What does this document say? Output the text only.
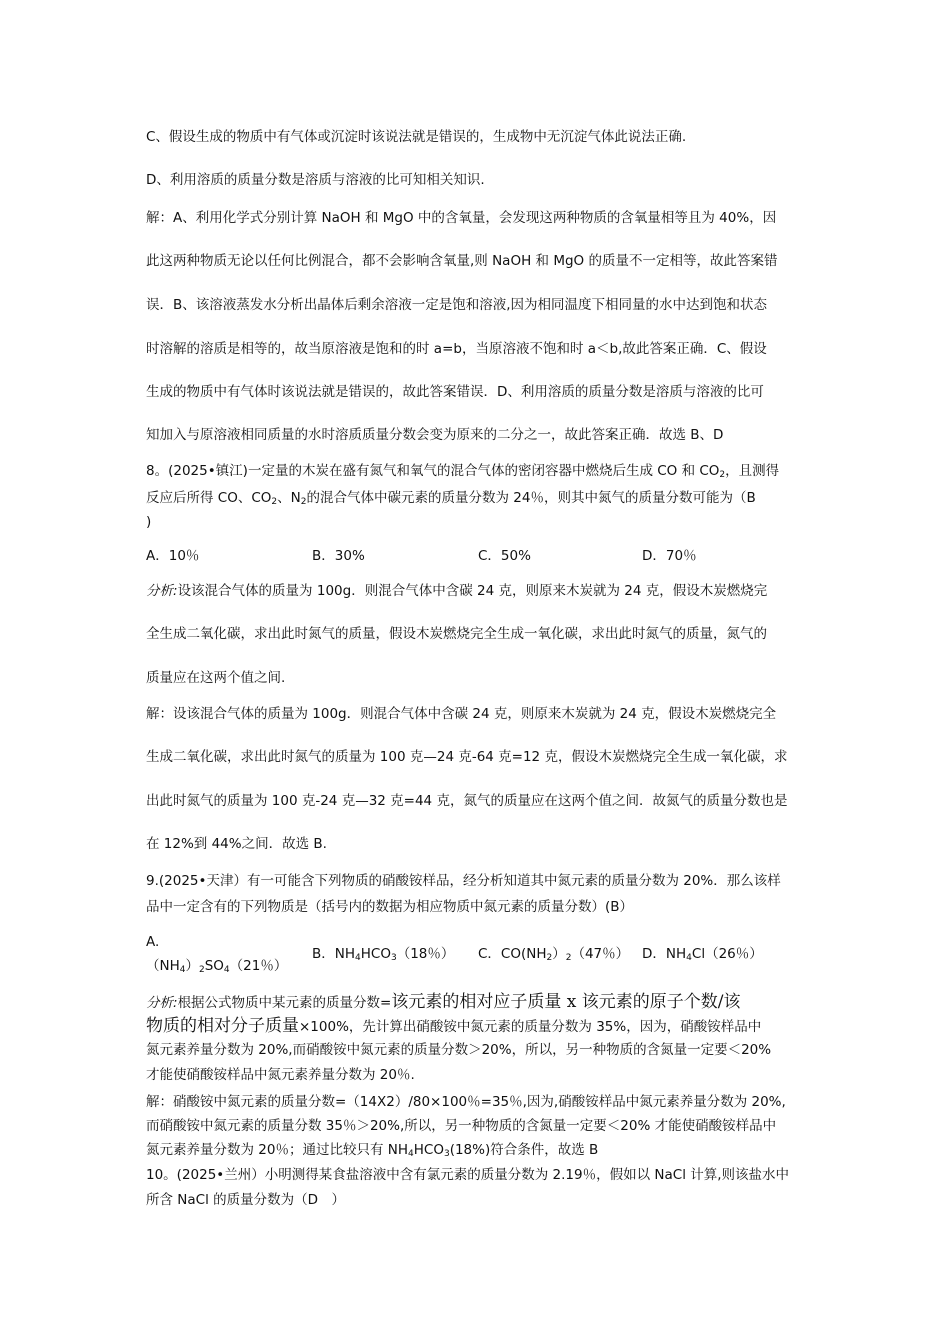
C、假设生成的物质中有气体或沉淀时该说法就是错误的，生成物中无沉淀气体此说法正确.
D、利用溶质的质量分数是溶质与溶液的比可知相关知识.
解：A、利用化学式分别计算 NaOH 和 MgO 中的含氧量，会发现这两种物质的含氧量相等且为 40%，因
此这两种物质无论以任何比例混合，都不会影响含氧量,则 NaOH 和 MgO 的质量不一定相等，故此答案错
误．B、该溶液蒸发水分析出晶体后剩余溶液一定是饱和溶液,因为相同温度下相同量的水中达到饱和状态
时溶解的溶质是相等的，故当原溶液是饱和的时 a=b，当原溶液不饱和时 a＜b,故此答案正确．C、假设
生成的物质中有气体时该说法就是错误的，故此答案错误．D、利用溶质的质量分数是溶质与溶液的比可
知加入与原溶液相同质量的水时溶质质量分数会变为原来的二分之一，故此答案正确．故选 B、D
8。(2025•镇江)一定量的木炭在盛有氮气和氧气的混合气体的密闭容器中燃烧后生成 CO 和 $CO_2$，且测得
反应后所得 CO、$CO_2$、$N_2$的混合气体中碳元素的质量分数为 24％，则其中氮气的质量分数可能为（B
)
A．10％	B．30%	C．50%	D．70％
分析:设该混合气体的质量为 100g．则混合气体中含碳 24 克，则原来木炭就为 24 克，假设木炭燃烧完
全生成二氧化碳，求出此时氮气的质量，假设木炭燃烧完全生成一氧化碳，求出此时氮气的质量，氮气的
质量应在这两个值之间.
解：设该混合气体的质量为 100g．则混合气体中含碳 24 克，则原来木炭就为 24 克，假设木炭燃烧完全
生成二氧化碳，求出此时氮气的质量为 100 克—24 克-64 克=12 克，假设木炭燃烧完全生成一氧化碳，求
出此时氮气的质量为 100 克-24 克—32 克=44 克，氮气的质量应在这两个值之间．故氮气的质量分数也是
在 12%到 44%之间．故选 B.
9.(2025•天津）有一可能含下列物质的硝酸铵样品，经分析知道其中氮元素的质量分数为 20%．那么该样
品中一定含有的下列物质是（括号内的数据为相应物质中氮元素的质量分数）(B）
A.
$(NH_4)_2SO_4(21$％）
B．$NH_4HCO_3(18$％） C．$CO(NH_2)_2(47$％） D．$NH_4Cl(26$％）
分析:根据公式物质中某元素的质量分数=该元素的相对应子质量 x 该元素的原子个数/该
物质的相对分子质量×100%，先计算出硝酸铵中氮元素的质量分数为 35%，因为，硝酸铵样品中
氮元素养量分数为 20%,而硝酸铵中氮元素的质量分数＞20%，所以，另一种物质的含氮量一定要＜20%
才能使硝酸铵样品中氮元素养量分数为 20％.
解：硝酸铵中氮元素的质量分数=（14X2）/80×100％=35％,因为,硝酸铵样品中氮元素养量分数为 20%,
而硝酸铵中氮元素的质量分数 35％＞20%,所以，另一种物质的含氮量一定要＜20% 才能使硝酸铵样品中
氮元素养量分数为 20％；通过比较只有 $NH_4HCO_3(18\%)$符合条件，故选 B
10。(2025•兰州）小明测得某食盐溶液中含有氯元素的质量分数为 2.19％，假如以 NaCl 计算,则该盐水中
所含 NaCl 的质量分数为（D　）
